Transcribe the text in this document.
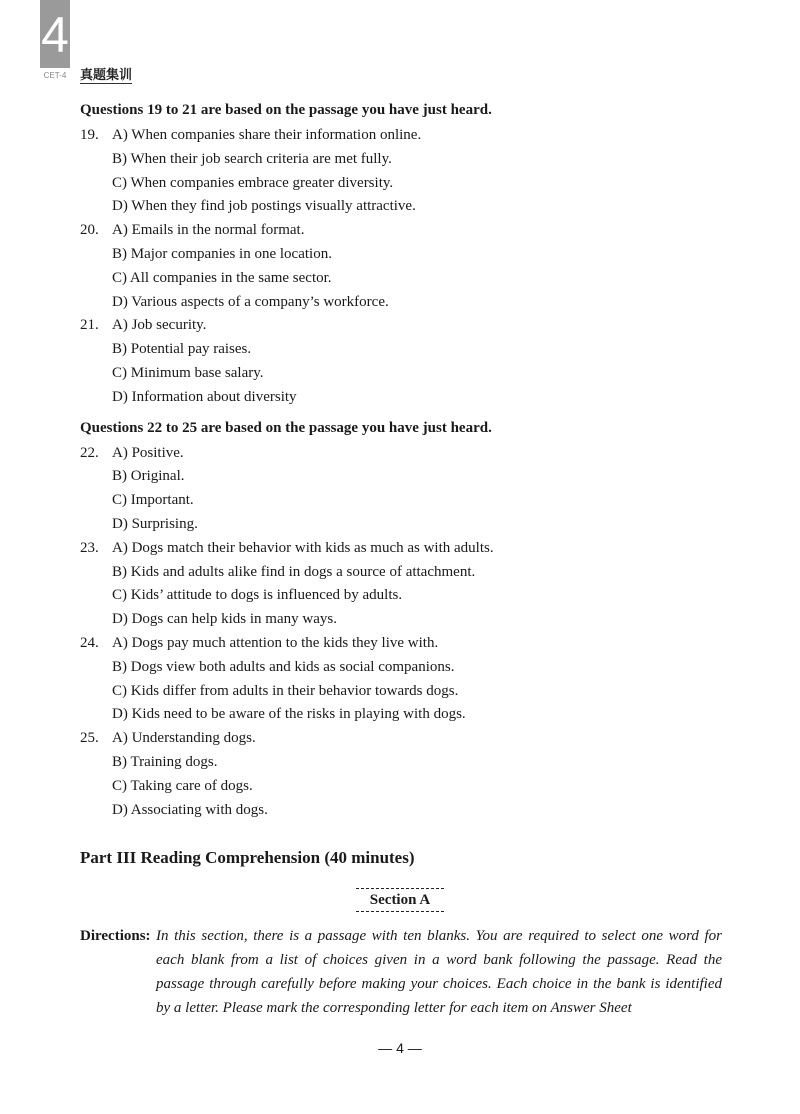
4
CET-4 真题集训
Questions 19 to 21 are based on the passage you have just heard.
19. A) When companies share their information online.
B) When their job search criteria are met fully.
C) When companies embrace greater diversity.
D) When they find job postings visually attractive.
20. A) Emails in the normal format.
B) Major companies in one location.
C) All companies in the same sector.
D) Various aspects of a company’s workforce.
21. A) Job security.
B) Potential pay raises.
C) Minimum base salary.
D) Information about diversity
Questions 22 to 25 are based on the passage you have just heard.
22. A) Positive.
B) Original.
C) Important.
D) Surprising.
23. A) Dogs match their behavior with kids as much as with adults.
B) Kids and adults alike find in dogs a source of attachment.
C) Kids’ attitude to dogs is influenced by adults.
D) Dogs can help kids in many ways.
24. A) Dogs pay much attention to the kids they live with.
B) Dogs view both adults and kids as social companions.
C) Kids differ from adults in their behavior towards dogs.
D) Kids need to be aware of the risks in playing with dogs.
25. A) Understanding dogs.
B) Training dogs.
C) Taking care of dogs.
D) Associating with dogs.
Part III Reading Comprehension (40 minutes)
Section A
Directions: In this section, there is a passage with ten blanks. You are required to select one word for each blank from a list of choices given in a word bank following the passage. Read the passage through carefully before making your choices. Each choice in the bank is identified by a letter. Please mark the corresponding letter for each item on Answer Sheet
— 4 —
